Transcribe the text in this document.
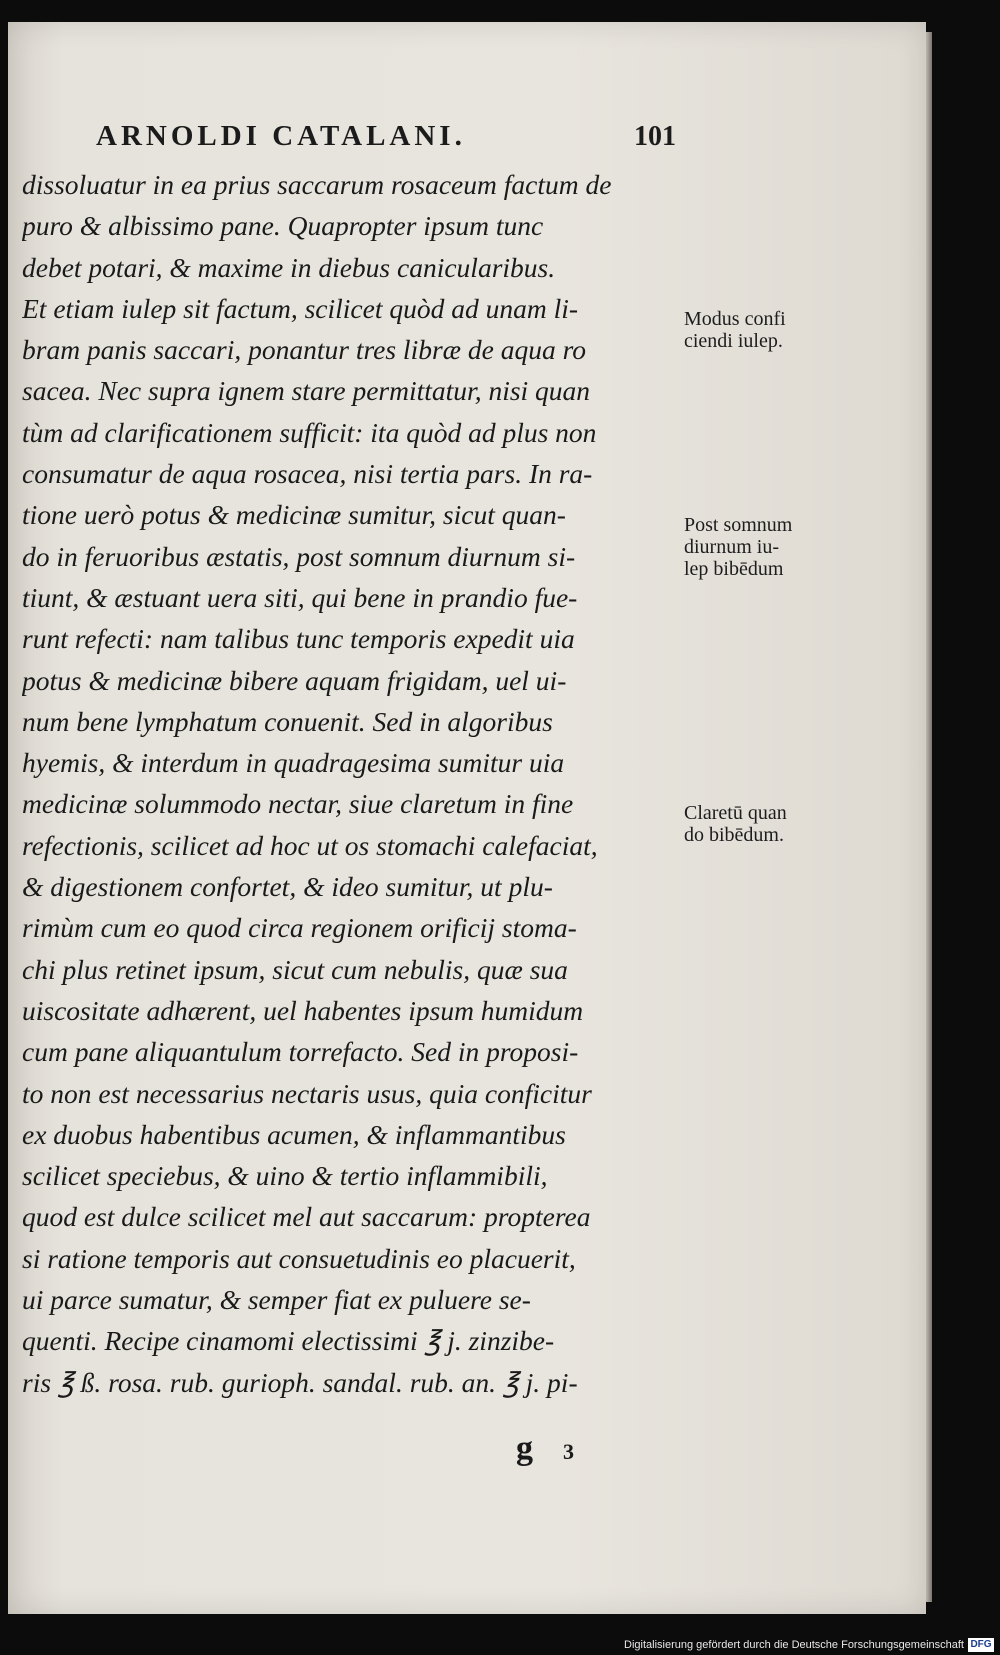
ARNOLDI CATALANI.	101
dissoluatur in ea prius saccarum rosaceum factum de
puro & albissimo pane. Quapropter ipsum tunc
debet potari, & maxime in diebus canicularibus.
Et etiam iulep sit factum, scilicet quòd ad unam li-
bram panis saccari, ponantur tres libræ de aqua ro
sacea. Nec supra ignem stare permittatur, nisi quan
tùm ad clarificationem sufficit: ita quòd ad plus non
consumatur de aqua rosacea, nisi tertia pars. In ra-
tione uerò potus & medicinæ sumitur, sicut quan-
do in feruoribus æstatis, post somnum diurnum si-
tiunt, & æstuant uera siti, qui bene in prandio fue-
runt refecti: nam talibus tunc temporis expedit uia
potus & medicinæ bibere aquam frigidam, uel ui-
num bene lymphatum conuenit. Sed in algoribus
hyemis, & interdum in quadragesima sumitur uia
medicinæ solummodo nectar, siue claretum in fine
refectionis, scilicet ad hoc ut os stomachi calefaciat,
& digestionem confortet, & ideo sumitur, ut plu-
rimùm cum eo quod circa regionem orificij stoma-
chi plus retinet ipsum, sicut cum nebulis, quæ sua
uiscositate adhærent, uel habentes ipsum humidum
cum pane aliquantulum torrefacto. Sed in proposi-
to non est necessarius nectaris usus, quia conficitur
ex duobus habentibus acumen, & inflammantibus
scilicet speciebus, & uino & tertio inflammibili,
quod est dulce scilicet mel aut saccarum: propterea
si ratione temporis aut consuetudinis eo placuerit,
ui parce sumatur, & semper fiat ex puluere se-
quenti. Recipe cinamomi electissimi ℥ j. zinzibe-
ris ℥ ß. rosa. rub. gurioph. sandal. rub. an. ℥ j. pi-
Modus confi
ciendi iulep.
Post somnum
diurnum iu-
lep bibēdum
Claretū quan
do bibēdum.
g 3
Digitalisierung gefördert durch die Deutsche Forschungsgemeinschaft DFG
